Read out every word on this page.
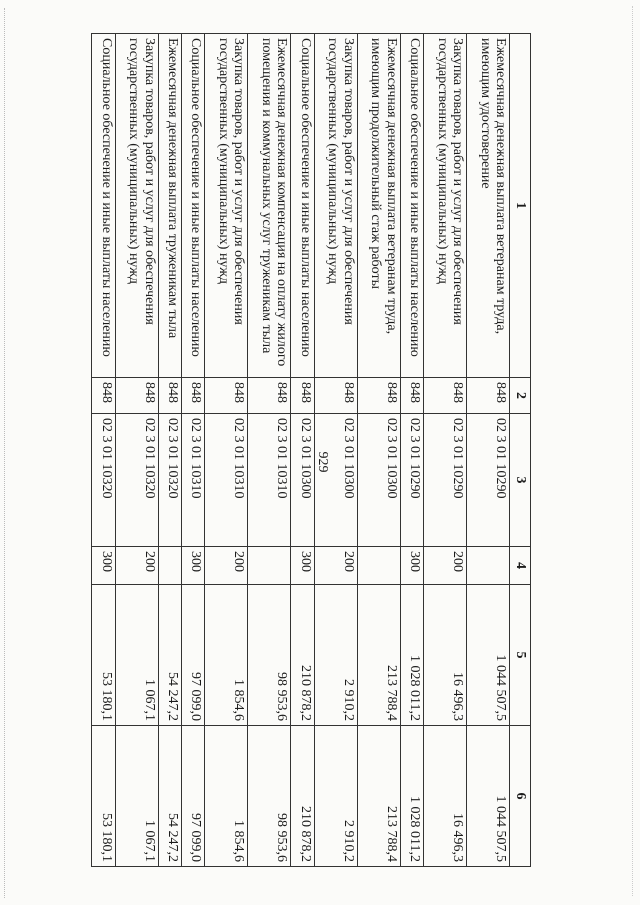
929
1	2	3	4	5	6
Ежемесячная денежная выплата ветеранам труда, имеющим удостоверение	848	02 3 01 10290		1 044 507,5	1 044 507,5
Закупка товаров, работ и услуг для обеспечения государственных (муниципальных) нужд	848	02 3 01 10290	200	16 496,3	16 496,3
Социальное обеспечение и иные выплаты населению	848	02 3 01 10290	300	1 028 011,2	1 028 011,2
Ежемесячная денежная выплата ветеранам труда, имеющим продолжительный стаж работы	848	02 3 01 10300		213 788,4	213 788,4
Закупка товаров, работ и услуг для обеспечения государственных (муниципальных) нужд	848	02 3 01 10300	200	2 910,2	2 910,2
Социальное обеспечение и иные выплаты населению	848	02 3 01 10300	300	210 878,2	210 878,2
Ежемесячная денежная компенсация на оплату жилого помещения и коммунальных услуг труженикам тыла	848	02 3 01 10310		98 953,6	98 953,6
Закупка товаров, работ и услуг для обеспечения государственных (муниципальных) нужд	848	02 3 01 10310	200	1 854,6	1 854,6
Социальное обеспечение и иные выплаты населению	848	02 3 01 10310	300	97 099,0	97 099,0
Ежемесячная денежная выплата труженикам тыла	848	02 3 01 10320		54 247,2	54 247,2
Закупка товаров, работ и услуг для обеспечения государственных (муниципальных) нужд	848	02 3 01 10320	200	1 067,1	1 067,1
Социальное обеспечение и иные выплаты населению	848	02 3 01 10320	300	53 180,1	53 180,1
